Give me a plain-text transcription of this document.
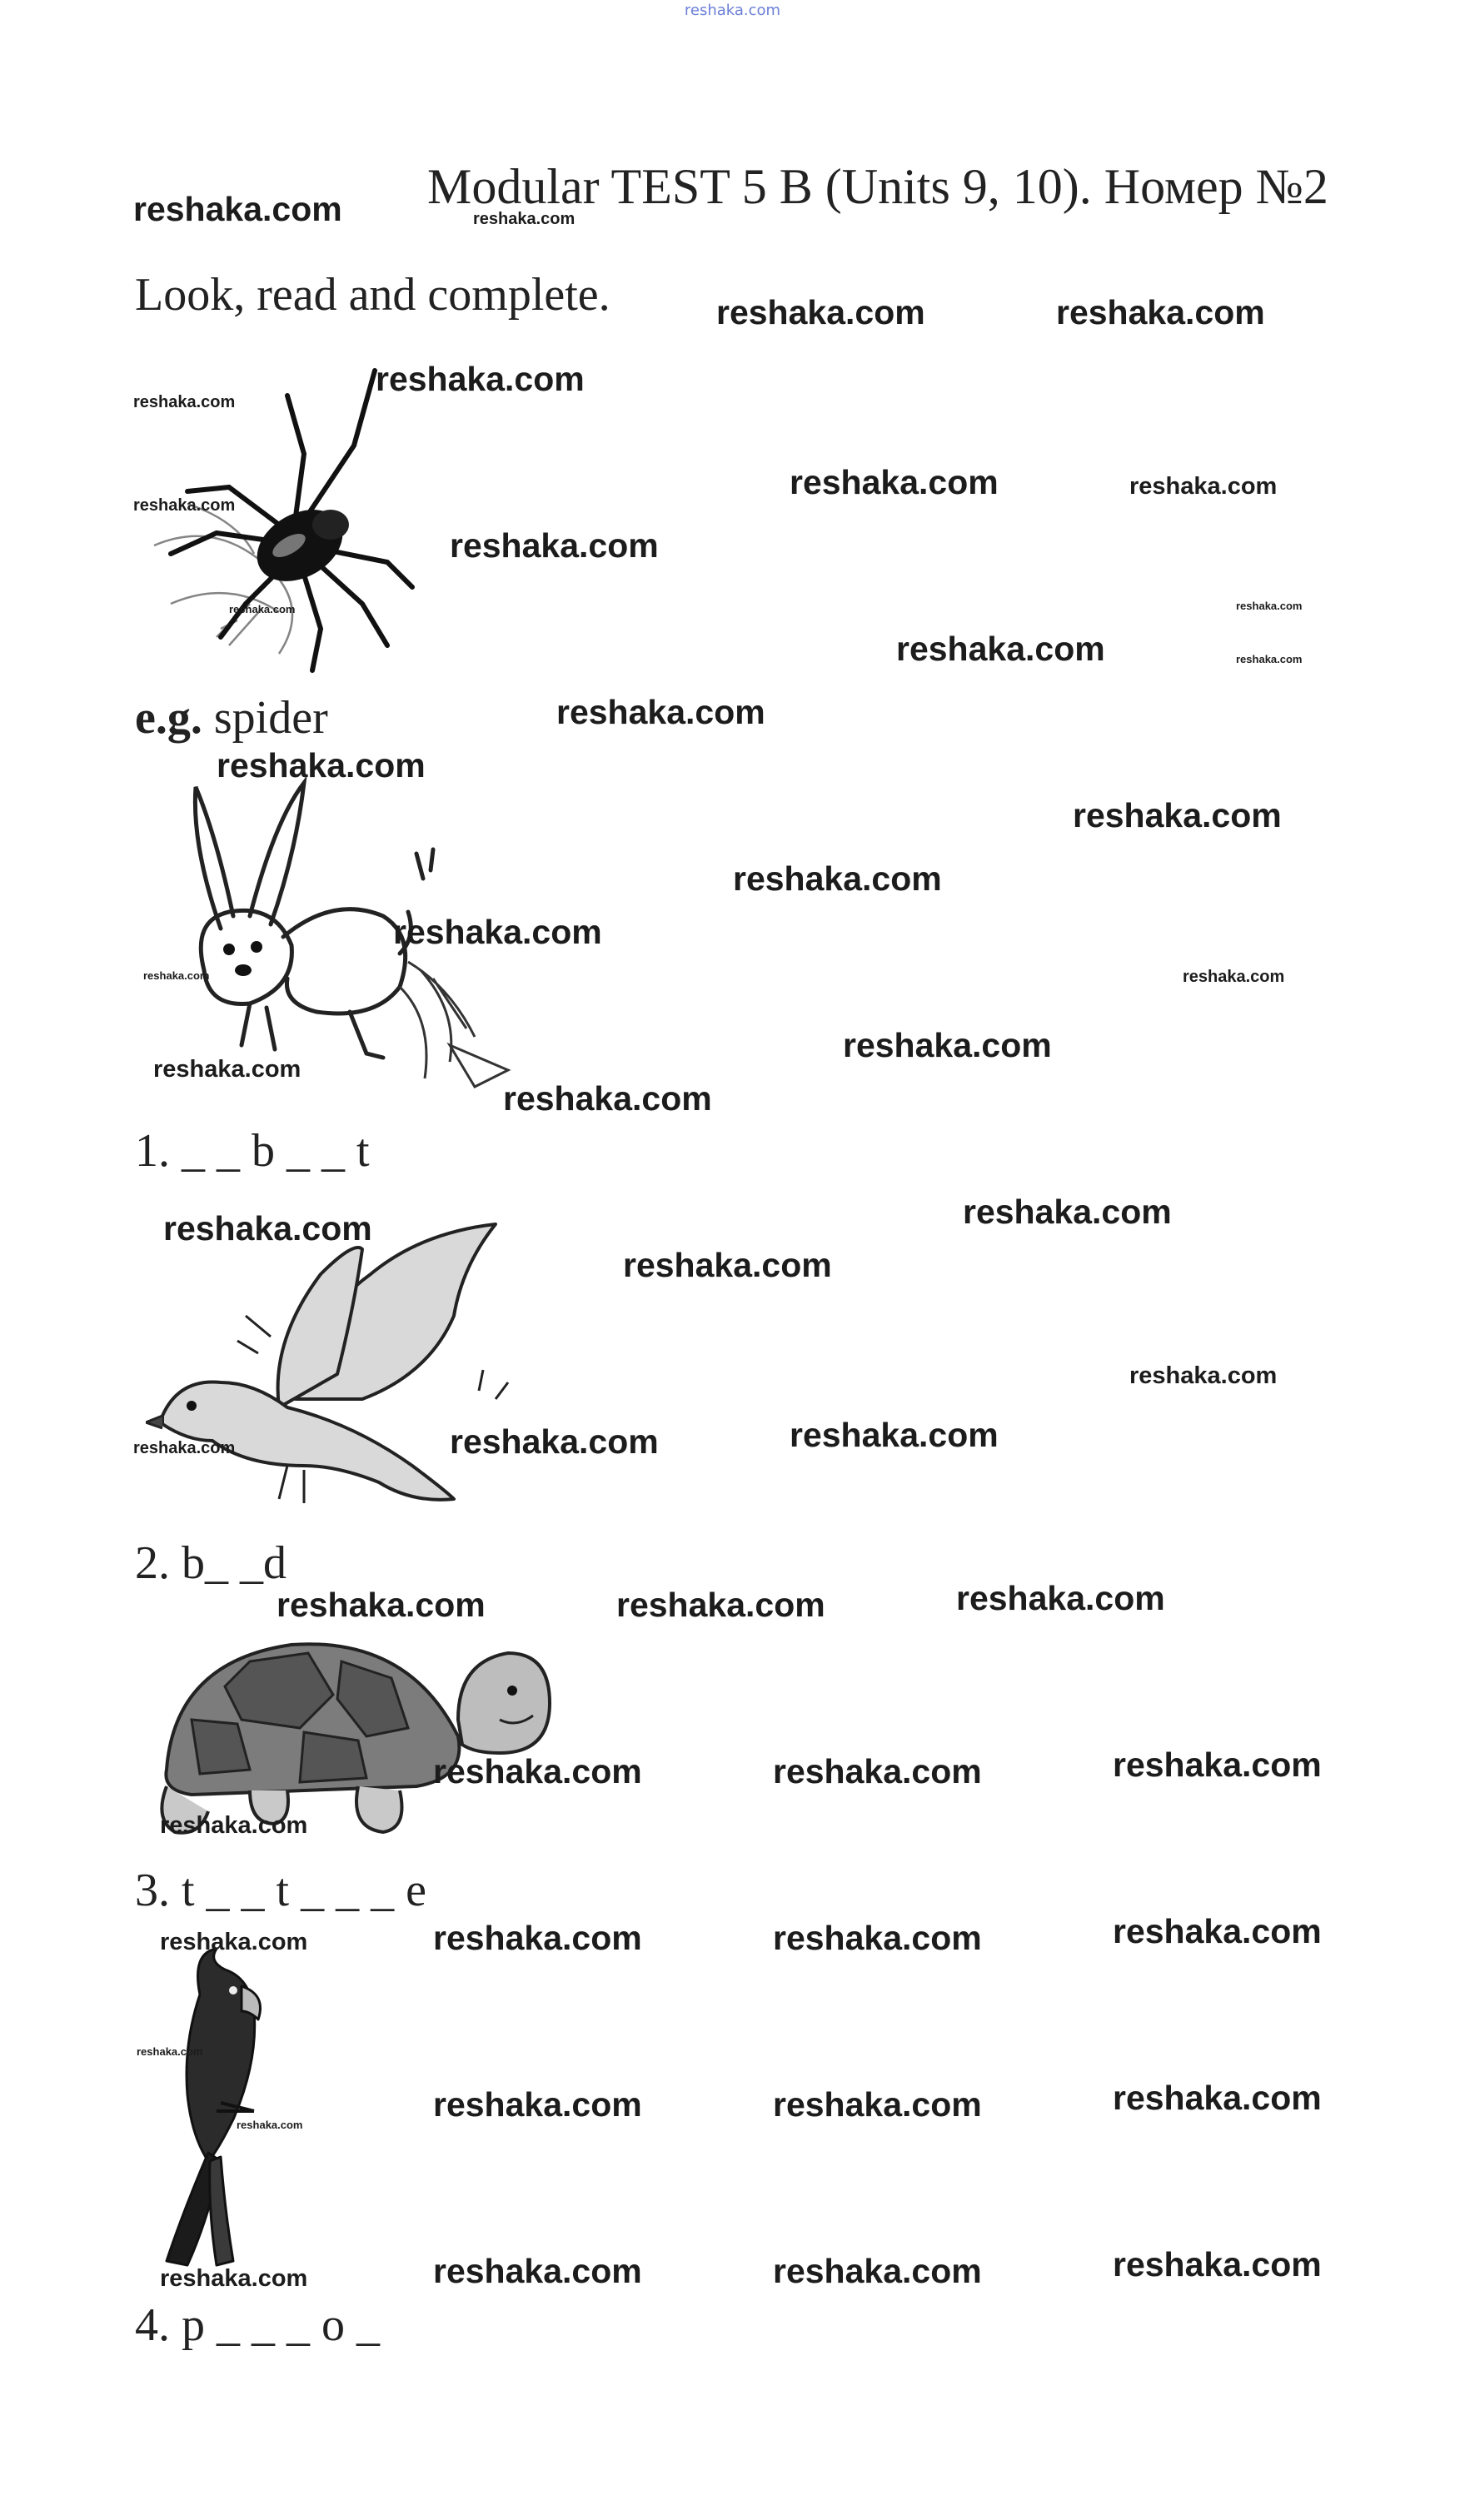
reshaka.com
Modular TEST 5 B (Units 9, 10). Номер №2
Look, read and complete.
e.g. spider
1. _ _ b _ _ t
2. b_ _d
3. t _ _ t _ _ _ e
4. p _ _ _ o _
reshaka.com	reshaka.com
reshaka.com	reshaka.com
reshaka.com
reshaka.com
reshaka.com	reshaka.com
reshaka.com
reshaka.com
reshaka.com
reshaka.com
reshaka.com	reshaka.com
reshaka.com
reshaka.com
reshaka.com
reshaka.com
reshaka.com
reshaka.com
reshaka.com
reshaka.com
reshaka.com
reshaka.com
reshaka.com
reshaka.com
reshaka.com
reshaka.com
reshaka.com
reshaka.com	reshaka.com
reshaka.com
reshaka.com	reshaka.com
reshaka.com
reshaka.com	reshaka.com
reshaka.com
reshaka.com
reshaka.com	reshaka.com	reshaka.com
reshaka.com
reshaka.com
reshaka.com
reshaka.com	reshaka.com
reshaka.com
reshaka.com	reshaka.com	reshaka.com
